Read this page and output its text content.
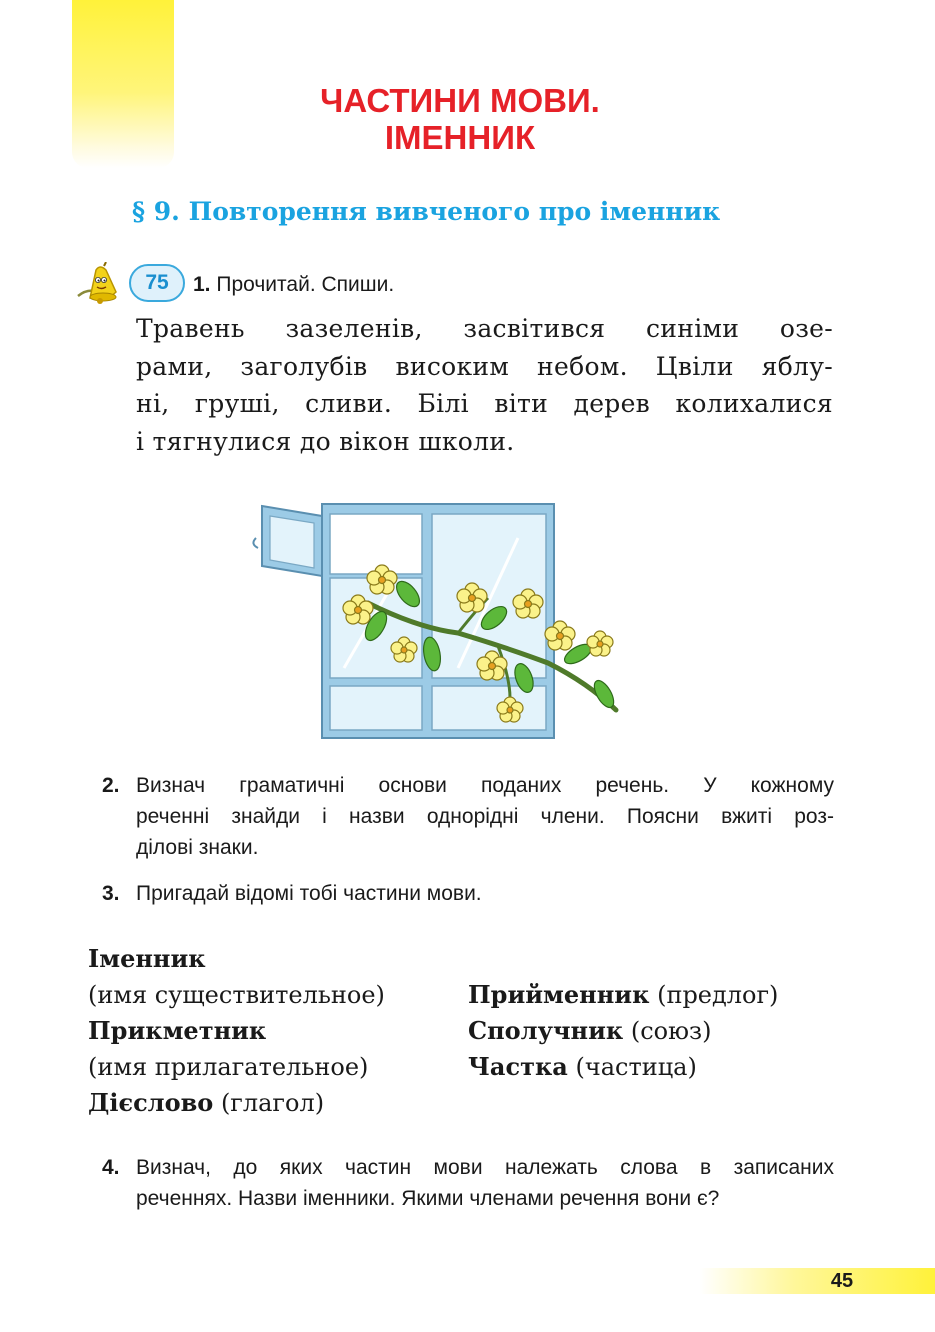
ЧАСТИНИ МОВИ.
ІМЕННИК
§ 9. Повторення вивченого про іменник
75	1. Прочитай. Спиши.
Травень зазеленів, засвітився синіми озе-
рами, заголубів високим небом. Цвіли яблу-
ні, груші, сливи. Білі віти дерев колихалися
і тягнулися до вікон школи.
2. Визнач граматичні основи поданих речень. У кожному
реченні знайди і назви однорідні члени. Поясни вжиті роз-
ділові знаки.
3. Пригадай відомі тобі частини мови.
Іменник
(имя существительное)
Прикметник
(имя прилагательное)
Дієслово (глагол)
Прийменник (предлог)
Сполучник (союз)
Частка (частица)
4. Визнач, до яких частин мови належать слова в записаних
реченнях. Назви іменники. Якими членами речення вони є?
45
